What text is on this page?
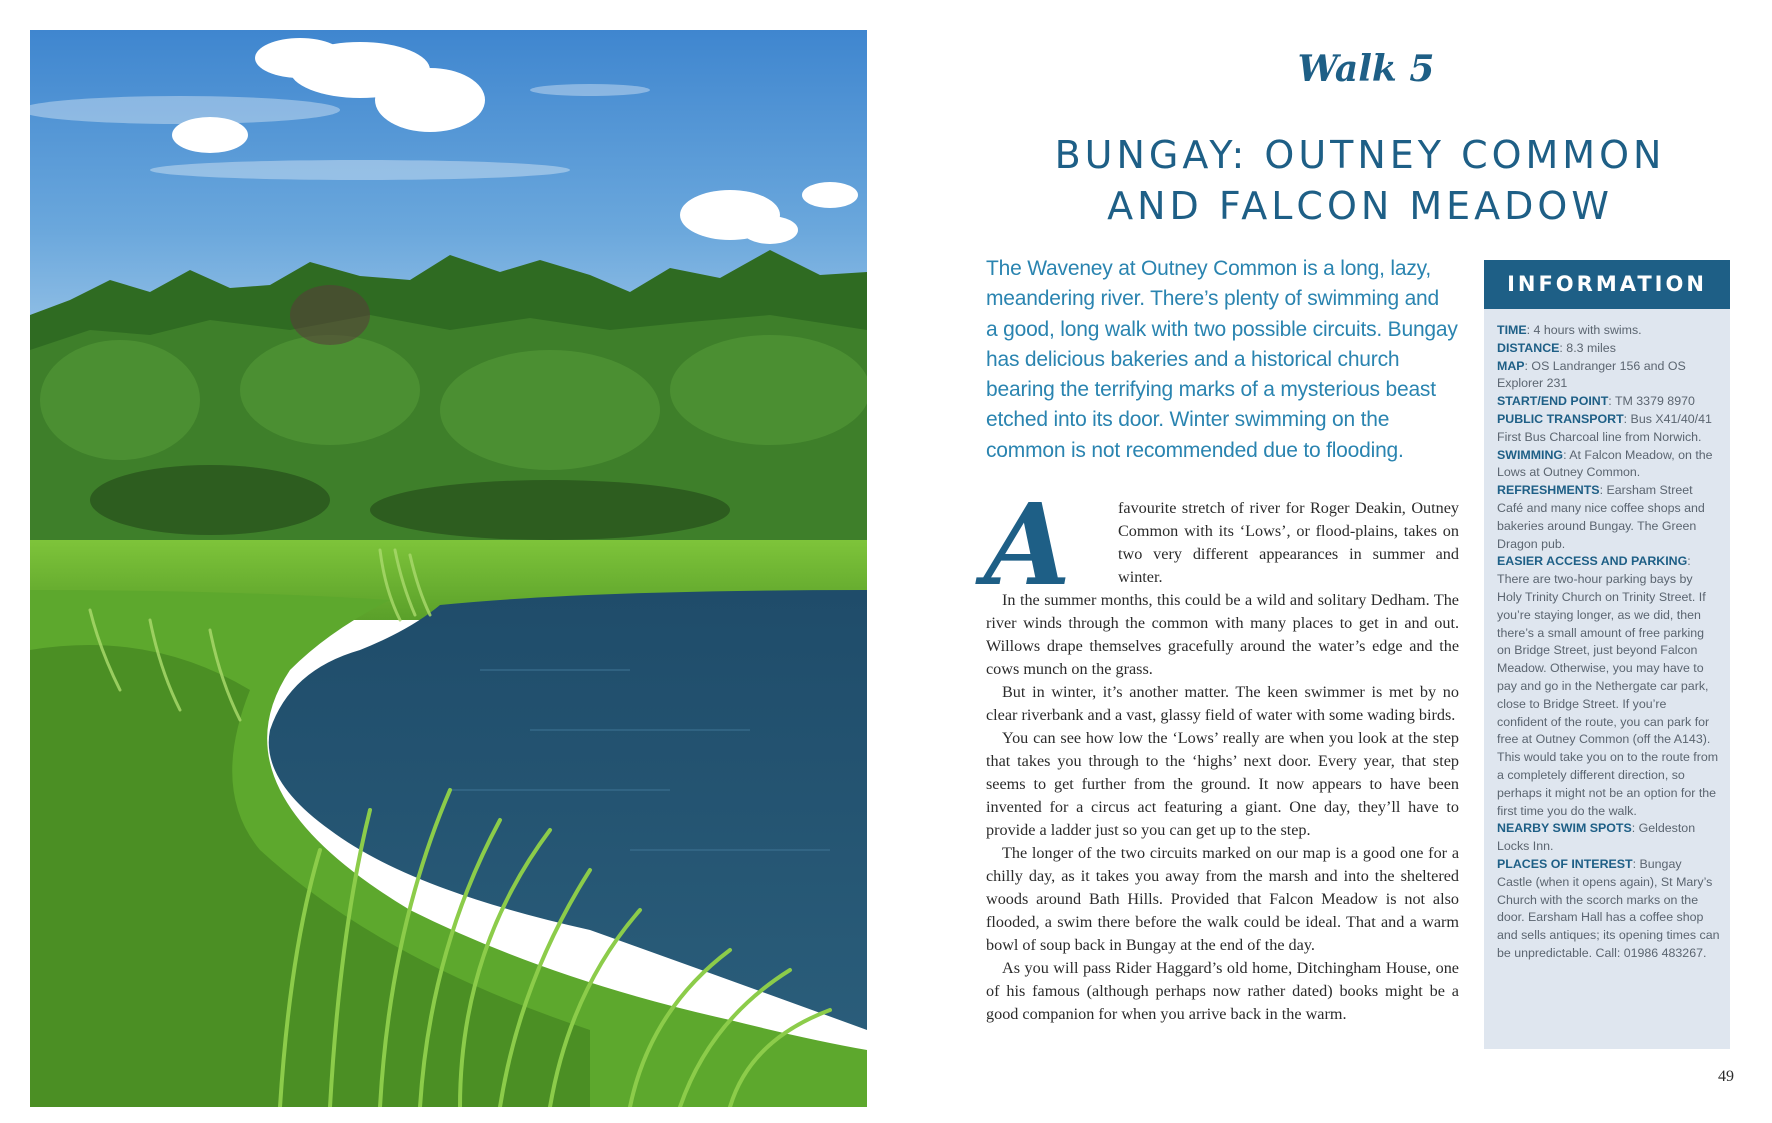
Walk 5
BUNGAY: OUTNEY COMMON
AND FALCON MEADOW

The Waveney at Outney Common is a long, lazy,
meandering river. There’s plenty of swimming and
a good, long walk with two possible circuits. Bungay
has delicious bakeries and a historical church
bearing the terrifying marks of a mysterious beast
etched into its door. Winter swimming on the
common is not recommended due to flooding.

A	favourite stretch of river for Roger Deakin, Outney Common with its ‘Lows’, or flood-plains, takes on two very different appearances in summer and winter.

In the summer months, this could be a wild and solitary Dedham. The river winds through the common with many places to get in and out. Willows drape themselves gracefully around the water’s edge and the cows munch on the grass.

But in winter, it’s another matter. The keen swimmer is met by no clear riverbank and a vast, glassy field of water with some wading birds.

You can see how low the ‘Lows’ really are when you look at the step that takes you through to the ‘highs’ next door. Every year, that step seems to get further from the ground. It now appears to have been invented for a circus act featuring a giant. One day, they’ll have to provide a ladder just so you can get up to the step.

The longer of the two circuits marked on our map is a good one for a chilly day, as it takes you away from the marsh and into the sheltered woods around Bath Hills. Provided that Falcon Meadow is not also flooded, a swim there before the walk could be ideal. That and a warm bowl of soup back in Bungay at the end of the day.

As you will pass Rider Haggard’s old home, Ditchingham House, one of his famous (although perhaps now rather dated) books might be a good companion for when you arrive back in the warm.

INFORMATION
TIME: 4 hours with swims.
DISTANCE: 8.3 miles
MAP: OS Landranger 156 and OS Explorer 231
START/END POINT: TM 3379 8970
PUBLIC TRANSPORT: Bus X41/40/41 First Bus Charcoal line from Norwich.
SWIMMING: At Falcon Meadow, on the Lows at Outney Common.
REFRESHMENTS: Earsham Street Café and many nice coffee shops and bakeries around Bungay. The Green Dragon pub.
EASIER ACCESS AND PARKING: There are two-hour parking bays by Holy Trinity Church on Trinity Street. If you’re staying longer, as we did, then there’s a small amount of free parking on Bridge Street, just beyond Falcon Meadow. Otherwise, you may have to pay and go in the Nethergate car park, close to Bridge Street. If you’re confident of the route, you can park for free at Outney Common (off the A143). This would take you on to the route from a completely different direction, so perhaps it might not be an option for the first time you do the walk.
NEARBY SWIM SPOTS: Geldeston Locks Inn.
PLACES OF INTEREST: Bungay Castle (when it opens again), St Mary’s Church with the scorch marks on the door. Earsham Hall has a coffee shop and sells antiques; its opening times can be unpredictable. Call: 01986 483267.
49
